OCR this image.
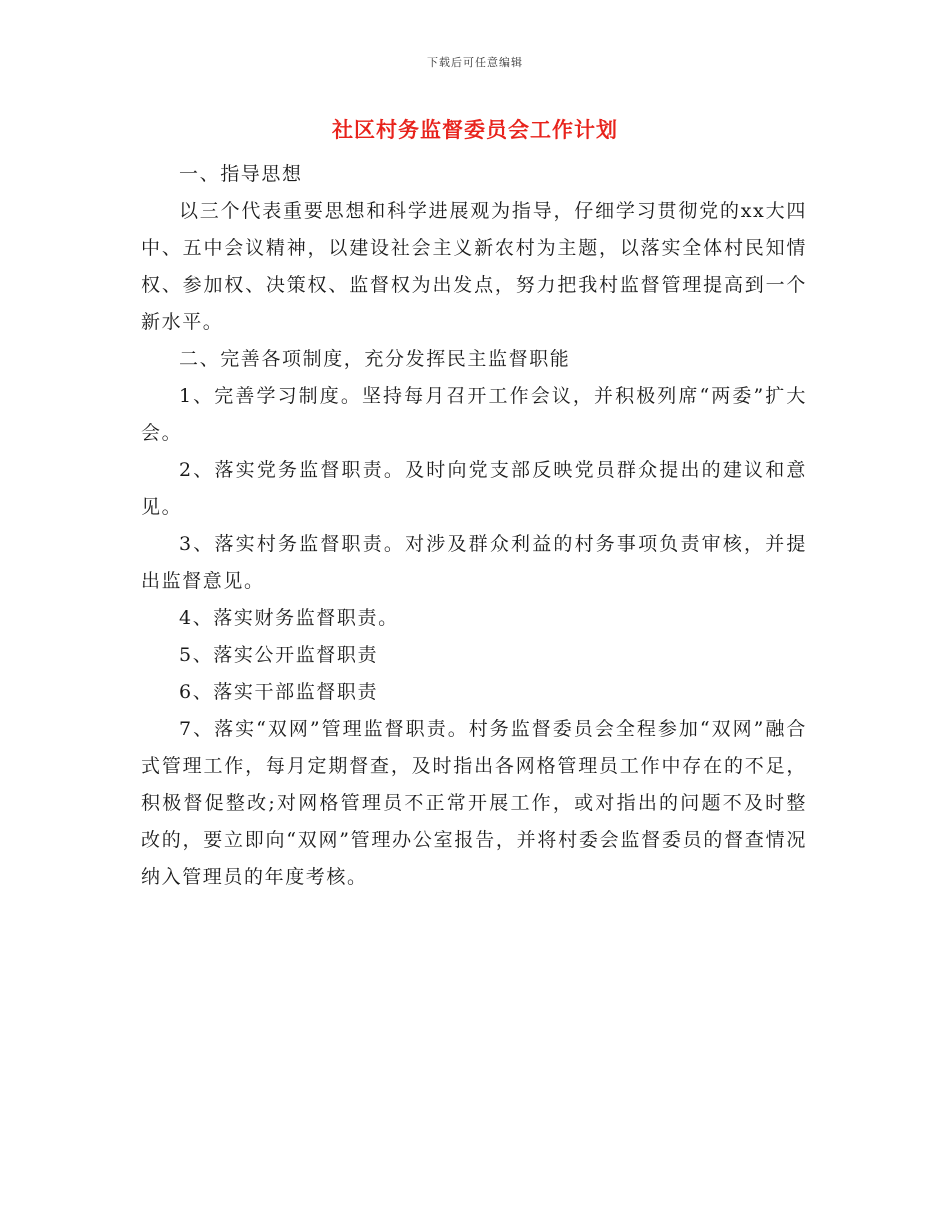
下载后可任意编辑
社区村务监督委员会工作计划

一、指导思想

以三个代表重要思想和科学进展观为指导，仔细学习贯彻党的xx大四中、五中会议精神，以建设社会主义新农村为主题，以落实全体村民知情权、参加权、决策权、监督权为出发点，努力把我村监督管理提高到一个新水平。

二、完善各项制度，充分发挥民主监督职能

1、完善学习制度。坚持每月召开工作会议，并积极列席“两委”扩大会。

2、落实党务监督职责。及时向党支部反映党员群众提出的建议和意见。

3、落实村务监督职责。对涉及群众利益的村务事项负责审核，并提出监督意见。

4、落实财务监督职责。

5、落实公开监督职责

6、落实干部监督职责

7、落实“双网”管理监督职责。村务监督委员会全程参加“双网”融合式管理工作，每月定期督查，及时指出各网格管理员工作中存在的不足，积极督促整改;对网格管理员不正常开展工作，或对指出的问题不及时整改的，要立即向“双网”管理办公室报告，并将村委会监督委员的督查情况纳入管理员的年度考核。
